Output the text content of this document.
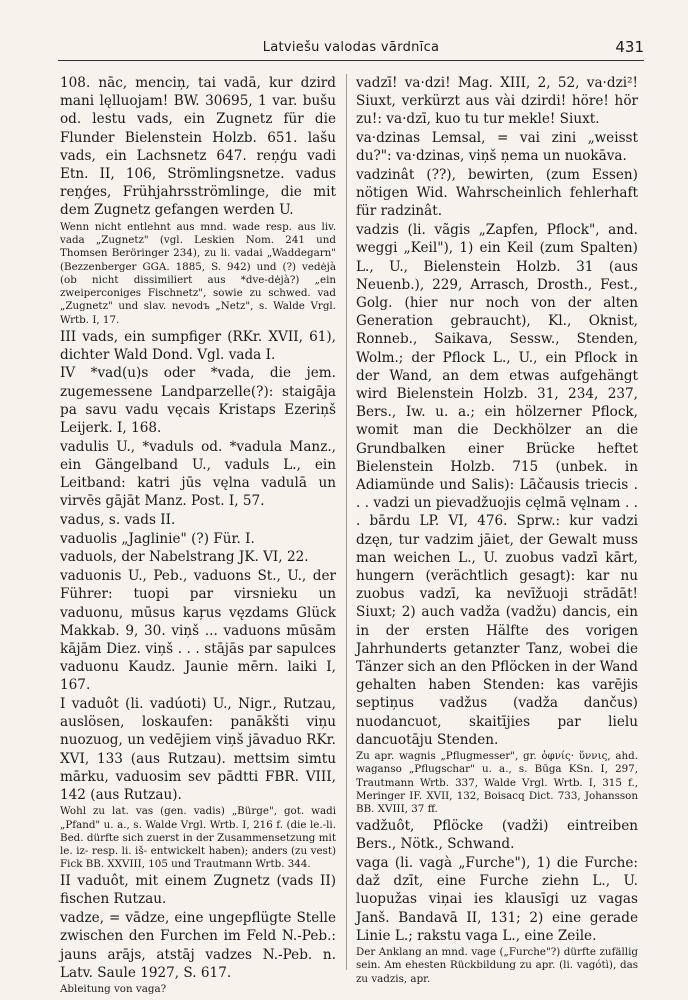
Latviešu valodas vārdnīca	431
108. nāc, menciņ, tai vadā, kur dzird mani lęlluojam! BW. 30695, 1 var. bušu od. lestu vads, ein Zugnetz für die Flunder Bielenstein Holzb. 651. lašu vads, ein Lachsnetz 647. reņģu vadi Etn. II, 106, Strömlingsnetze. vadus reņģes, Frühjahrsströmlinge, die mit dem Zugnetz gefangen werden U.
Wenn nicht entlehnt aus mnd. wade resp. aus liv. vada „Zugnetz" (vgl. Leskien Nom. 241 und Thomsen Beröringer 234), zu li. vadai „Waddegarn" (Bezzenberger GGA. 1885, S. 942) und (?) vedėjà (ob nicht dissimiliert aus *dve-dėjà?) „ein zweiperсoniges Fischnetz", sowie zu schwed. vad „Zugnetz" und slav. nevodъ „Netz", s. Walde Vrgl. Wrtb. I, 17.
III vads, ein sumpfiger (RKr. XVII, 61), dichter Wald Dond. Vgl. vada I.
IV *vad(u)s oder *vada, die jem. zugemessene Landparzelle(?): staigāja pa savu vadu vęcais Kristaps Ezeriņš Leijerk. I, 168.
vadulis U., *vaduls od. *vadula Manz., ein Gängelband U., vaduls L., ein Leitband: katri jūs vęlna vadulā un virvēs gājāt Manz. Post. I, 57.
vadus, s. vads II.
vaduolis „Jaglinie" (?) Für. I.
vaduols, der Nabelstrang JK. VI, 22.
vaduonis U., Peb., vaduons St., U., der Führer: tuopi par virsnieku un vaduonu, mūsus kaŗus vęzdams Glück Makkab. 9, 30. viņš ... vaduons mūsām kājām Diez. viņš . . . stājās par sapulces vaduonu Kaudz. Jaunie mērn. laiki I, 167.
I vaduôt (li. vadúoti) U., Nigr., Rutzau, auslösen, loskaufen: panākšti viņu nuozuog, un vedējiem viņš jāvaduo RKr. XVI, 133 (aus Rutzau). mettsim simtu mārku, vaduosim sev pādtti FBR. VIII, 142 (aus Rutzau).
Wohl zu lat. vas (gen. vadis) „Bürge", got. wadi „Pfand" u. a., s. Walde Vrgl. Wrtb. I, 216 f. (die le.-li. Bed. dürfte sich zuerst in der Zusammensetzung mit le. iz- resp. li. iš- entwickelt haben); anders (zu vest) Fick BB. XXVIII, 105 und Trautmann Wrtb. 344.
II vaduôt, mit einem Zugnetz (vads II) fischen Rutzau.
vadze, = vādze, eine ungepflügte Stelle zwischen den Furchen im Feld N.-Peb.: jauns arājs, atstāj vadzes N.-Peb. n. Latv. Saule 1927, S. 617.
Ableitung von vaga?
vadzī! va·dzi! Mag. XIII, 2, 52, va·dzi²! Siuxt, verkürzt aus vài dzirdi! höre! hör zu!: va·dzī, kuo tu tur mekle! Siuxt.
va·dzinas Lemsal, = vai zini „weisst du?": va·dzinas, viņš ņema un nuokāva.
vadzinât (??), bewirten, (zum Essen) nötigen Wid. Wahrscheinlich fehlerhaft für radzinât.
vadzis (li. vãgis „Zapfen, Pflock", and. weggi „Keil"), 1) ein Keil (zum Spalten) L., U., Bielenstein Holzb. 31 (aus Neuenb.), 229, Arrasch, Drosth., Fest., Golg. (hier nur noch von der alten Generation gebraucht), Kl., Oknist, Ronneb., Saikava, Sessw., Stenden, Wolm.; der Pflock L., U., ein Pflock in der Wand, an dem etwas aufgehängt wird Bielenstein Holzb. 31, 234, 237, Bers., Iw. u. a.; ein hölzerner Pflock, womit man die Deckhölzer an die Grundbalken einer Brücke heftet Bielenstein Holzb. 715 (unbek. in Adiamünde und Salis): Lāčausis triecis . . . vadzi un pievadžuojis cęlmā vęlnam . . . bārdu LP. VI, 476. Sprw.: kur vadzi dzęn, tur vadzim jāiet, der Gewalt muss man weichen L., U. zuobus vadzī kārt, hungern (verächtlich gesagt): kar nu zuobus vadzī, ka nevīžuoji strādāt! Siuxt; 2) auch vadža (vadžu) dancis, ein in der ersten Hälfte des vorigen Jahrhunderts getanzter Tanz, wobei die Tänzer sich an den Pflöcken in der Wand gehalten haben Stenden: kas varējis septiņus vadžus (vadža dančus) nuodancuot, skaitījies par lielu dancuotāju Stenden.
Zu apr. wagnis „Pflugmesser", gr. ὀφνίς· ὕννις, ahd. waganso „Pflugschar" u. a., s. Būga KSn. I, 297, Trautmann Wrtb. 337, Walde Vrgl. Wrtb. I, 315 f., Meringer IF. XVII, 132, Boisacq Dict. 733, Johansson BB. XVIII, 37 ff.
vadžuôt, Pflöcke (vadži) eintreiben Bers., Nötk., Schwand.
vaga (li. vagà „Furche"), 1) die Furche: daž dzīt, eine Furche ziehn L., U. luopužas viņai ies klausīgi uz vagas Janš. Bandavā II, 131; 2) eine gerade Linie L.; rakstu vaga L., eine Zeile.
Der Anklang an mnd. vage („Furche"?) dürfte zufällig sein. Am ehesten Rückbildung zu apr. (li. vagótì), das zu vadzis, apr.
